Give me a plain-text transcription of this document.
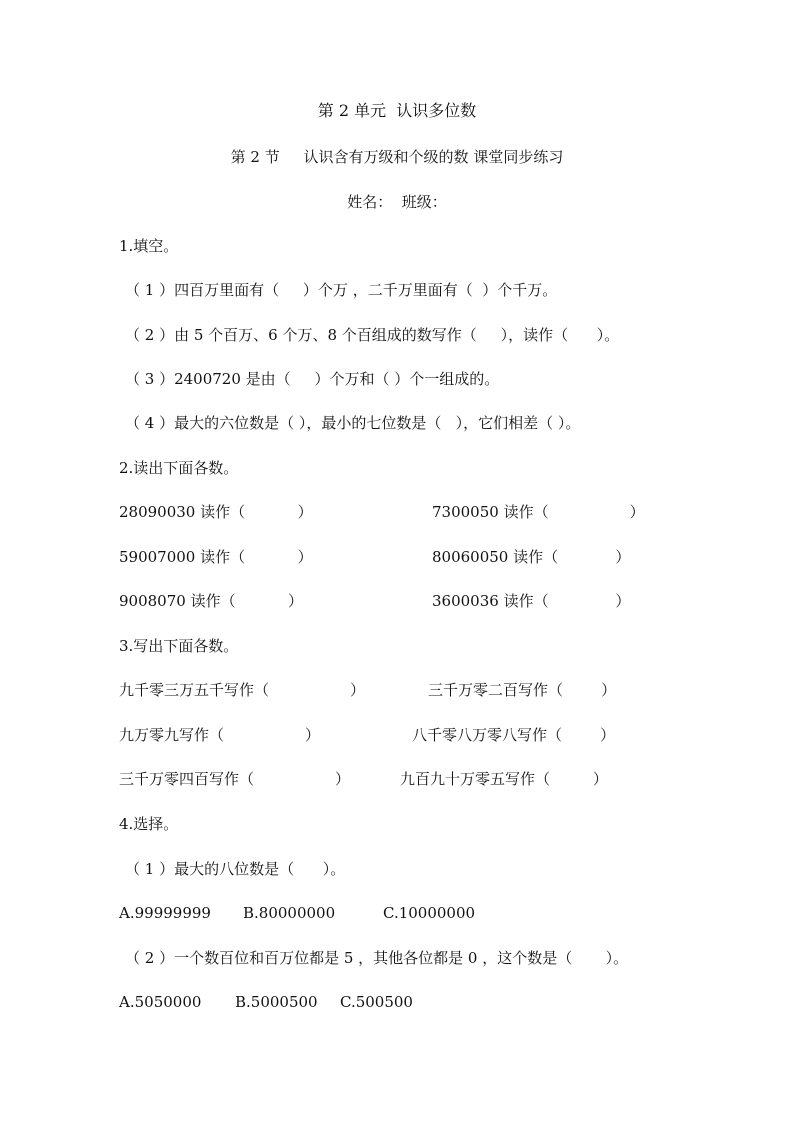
第 2 单元  认识多位数
第 2 节     认识含有万级和个级的数 课堂同步练习
姓名：  班级：
1.填空。
（ 1 ）四百万里面有（     ）个万 ，二千万里面有（  ）个千万。
（ 2 ）由 5 个百万、6 个万、8 个百组成的数写作（     ），读作（      ）。
（ 3 ）2400720 是由（     ）个万和（ ）个一组成的。
（ 4 ）最大的六位数是（ ），最小的七位数是（   ），它们相差（ ）。
2.读出下面各数。
28090030 读作（           ）	7300050 读作（                 ）
59007000 读作（           ）	80060050 读作（            ）
9008070 读作（           ）	3600036 读作（              ）
3.写出下面各数。
九千零三万五千写作（                 ）	三千万零二百写作（        ）
九万零九写作（                 ）	八千零八万零八写作（        ）
三千万零四百写作（                 ）	九百九十万零五写作（         ）
4.选择。
（ 1 ）最大的八位数是（      ）。
A.99999999 B.80000000	C.10000000
（ 2 ）一个数百位和百万位都是 5 ，其他各位都是 0 ，这个数是（       ）。
A.5050000 B.5000500 C.500500
